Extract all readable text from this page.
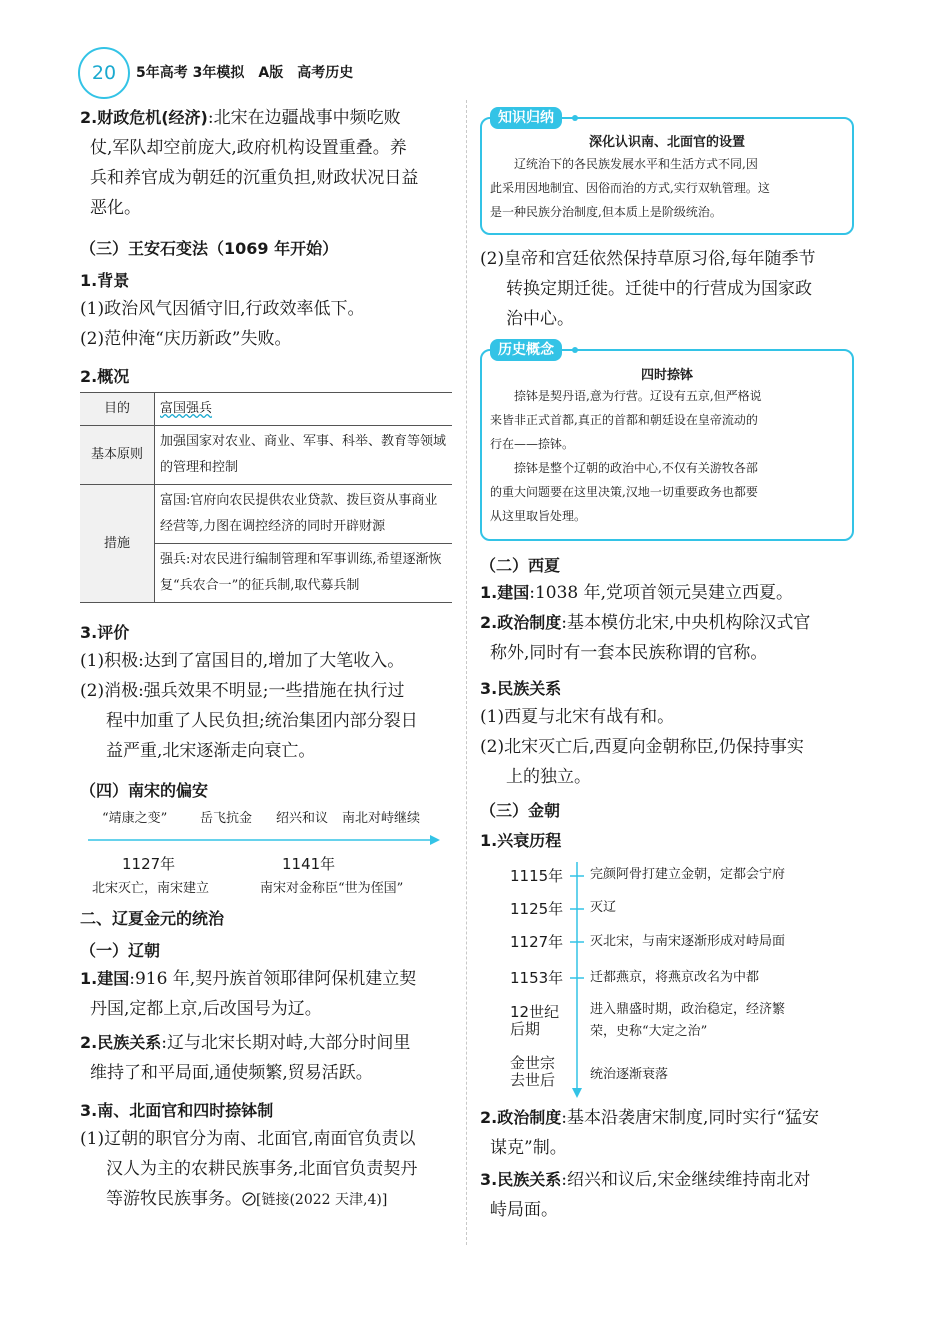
20	5年高考 3年模拟　A版　高考历史
2.财政危机(经济):北宋在边疆战事中频吃败
仗,军队却空前庞大,政府机构设置重叠。养
兵和养官成为朝廷的沉重负担,财政状况日益
恶化。
（三）王安石变法（1069 年开始）
1.背景
(1)政治风气因循守旧,行政效率低下。
(2)范仲淹“庆历新政”失败。
2.概况
目的	富国强兵
基本原则	加强国家对农业、商业、军事、科举、教育等领域的管理和控制
措施	富国:官府向农民提供农业贷款、拨巨资从事商业经营等,力图在调控经济的同时开辟财源
	强兵:对农民进行编制管理和军事训练,希望逐渐恢复“兵农合一”的征兵制,取代募兵制
3.评价
(1)积极:达到了富国目的,增加了大笔收入。
(2)消极:强兵效果不明显;一些措施在执行过
程中加重了人民负担;统治集团内部分裂日
益严重,北宋逐渐走向衰亡。
（四）南宋的偏安
“靖康之变”	岳飞抗金 绍兴和议 南北对峙继续
1127年	1141年
北宋灭亡，南宋建立	南宋对金称臣“世为侄国”
二、辽夏金元的统治
（一）辽朝
1.建国:916 年,契丹族首领耶律阿保机建立契
丹国,定都上京,后改国号为辽。
2.民族关系:辽与北宋长期对峙,大部分时间里
维持了和平局面,通使频繁,贸易活跃。
3.南、北面官和四时捺钵制
(1)辽朝的职官分为南、北面官,南面官负责以
汉人为主的农耕民族事务,北面官负责契丹
等游牧民族事务。 [链接(2022 天津,4)]
知识归纳
深化认识南、北面官的设置
辽统治下的各民族发展水平和生活方式不同,因
此采用因地制宜、因俗而治的方式,实行双轨管理。这
是一种民族分治制度,但本质上是阶级统治。
(2)皇帝和宫廷依然保持草原习俗,每年随季节
转换定期迁徙。迁徙中的行营成为国家政
治中心。
历史概念
四时捺钵
捺钵是契丹语,意为行营。辽设有五京,但严格说
来皆非正式首都,真正的首都和朝廷设在皇帝流动的
行在——捺钵。
捺钵是整个辽朝的政治中心,不仅有关游牧各部
的重大问题要在这里决策,汉地一切重要政务也都要
从这里取旨处理。
（二）西夏
1.建国:1038 年,党项首领元昊建立西夏。
2.政治制度:基本模仿北宋,中央机构除汉式官
称外,同时有一套本民族称谓的官称。
3.民族关系
(1)西夏与北宋有战有和。
(2)北宋灭亡后,西夏向金朝称臣,仍保持事实
上的独立。
（三）金朝
1.兴衰历程
1115年 完颜阿骨打建立金朝，定都会宁府
1125年 灭辽
1127年 灭北宋，与南宋逐渐形成对峙局面
1153年 迁都燕京，将燕京改名为中都
12世纪
后期
进入鼎盛时期，政治稳定，经济繁
荣，史称“大定之治”
金世宗
去世后	统治逐渐衰落
2.政治制度:基本沿袭唐宋制度,同时实行“猛安
谋克”制。
3.民族关系:绍兴和议后,宋金继续维持南北对
峙局面。
